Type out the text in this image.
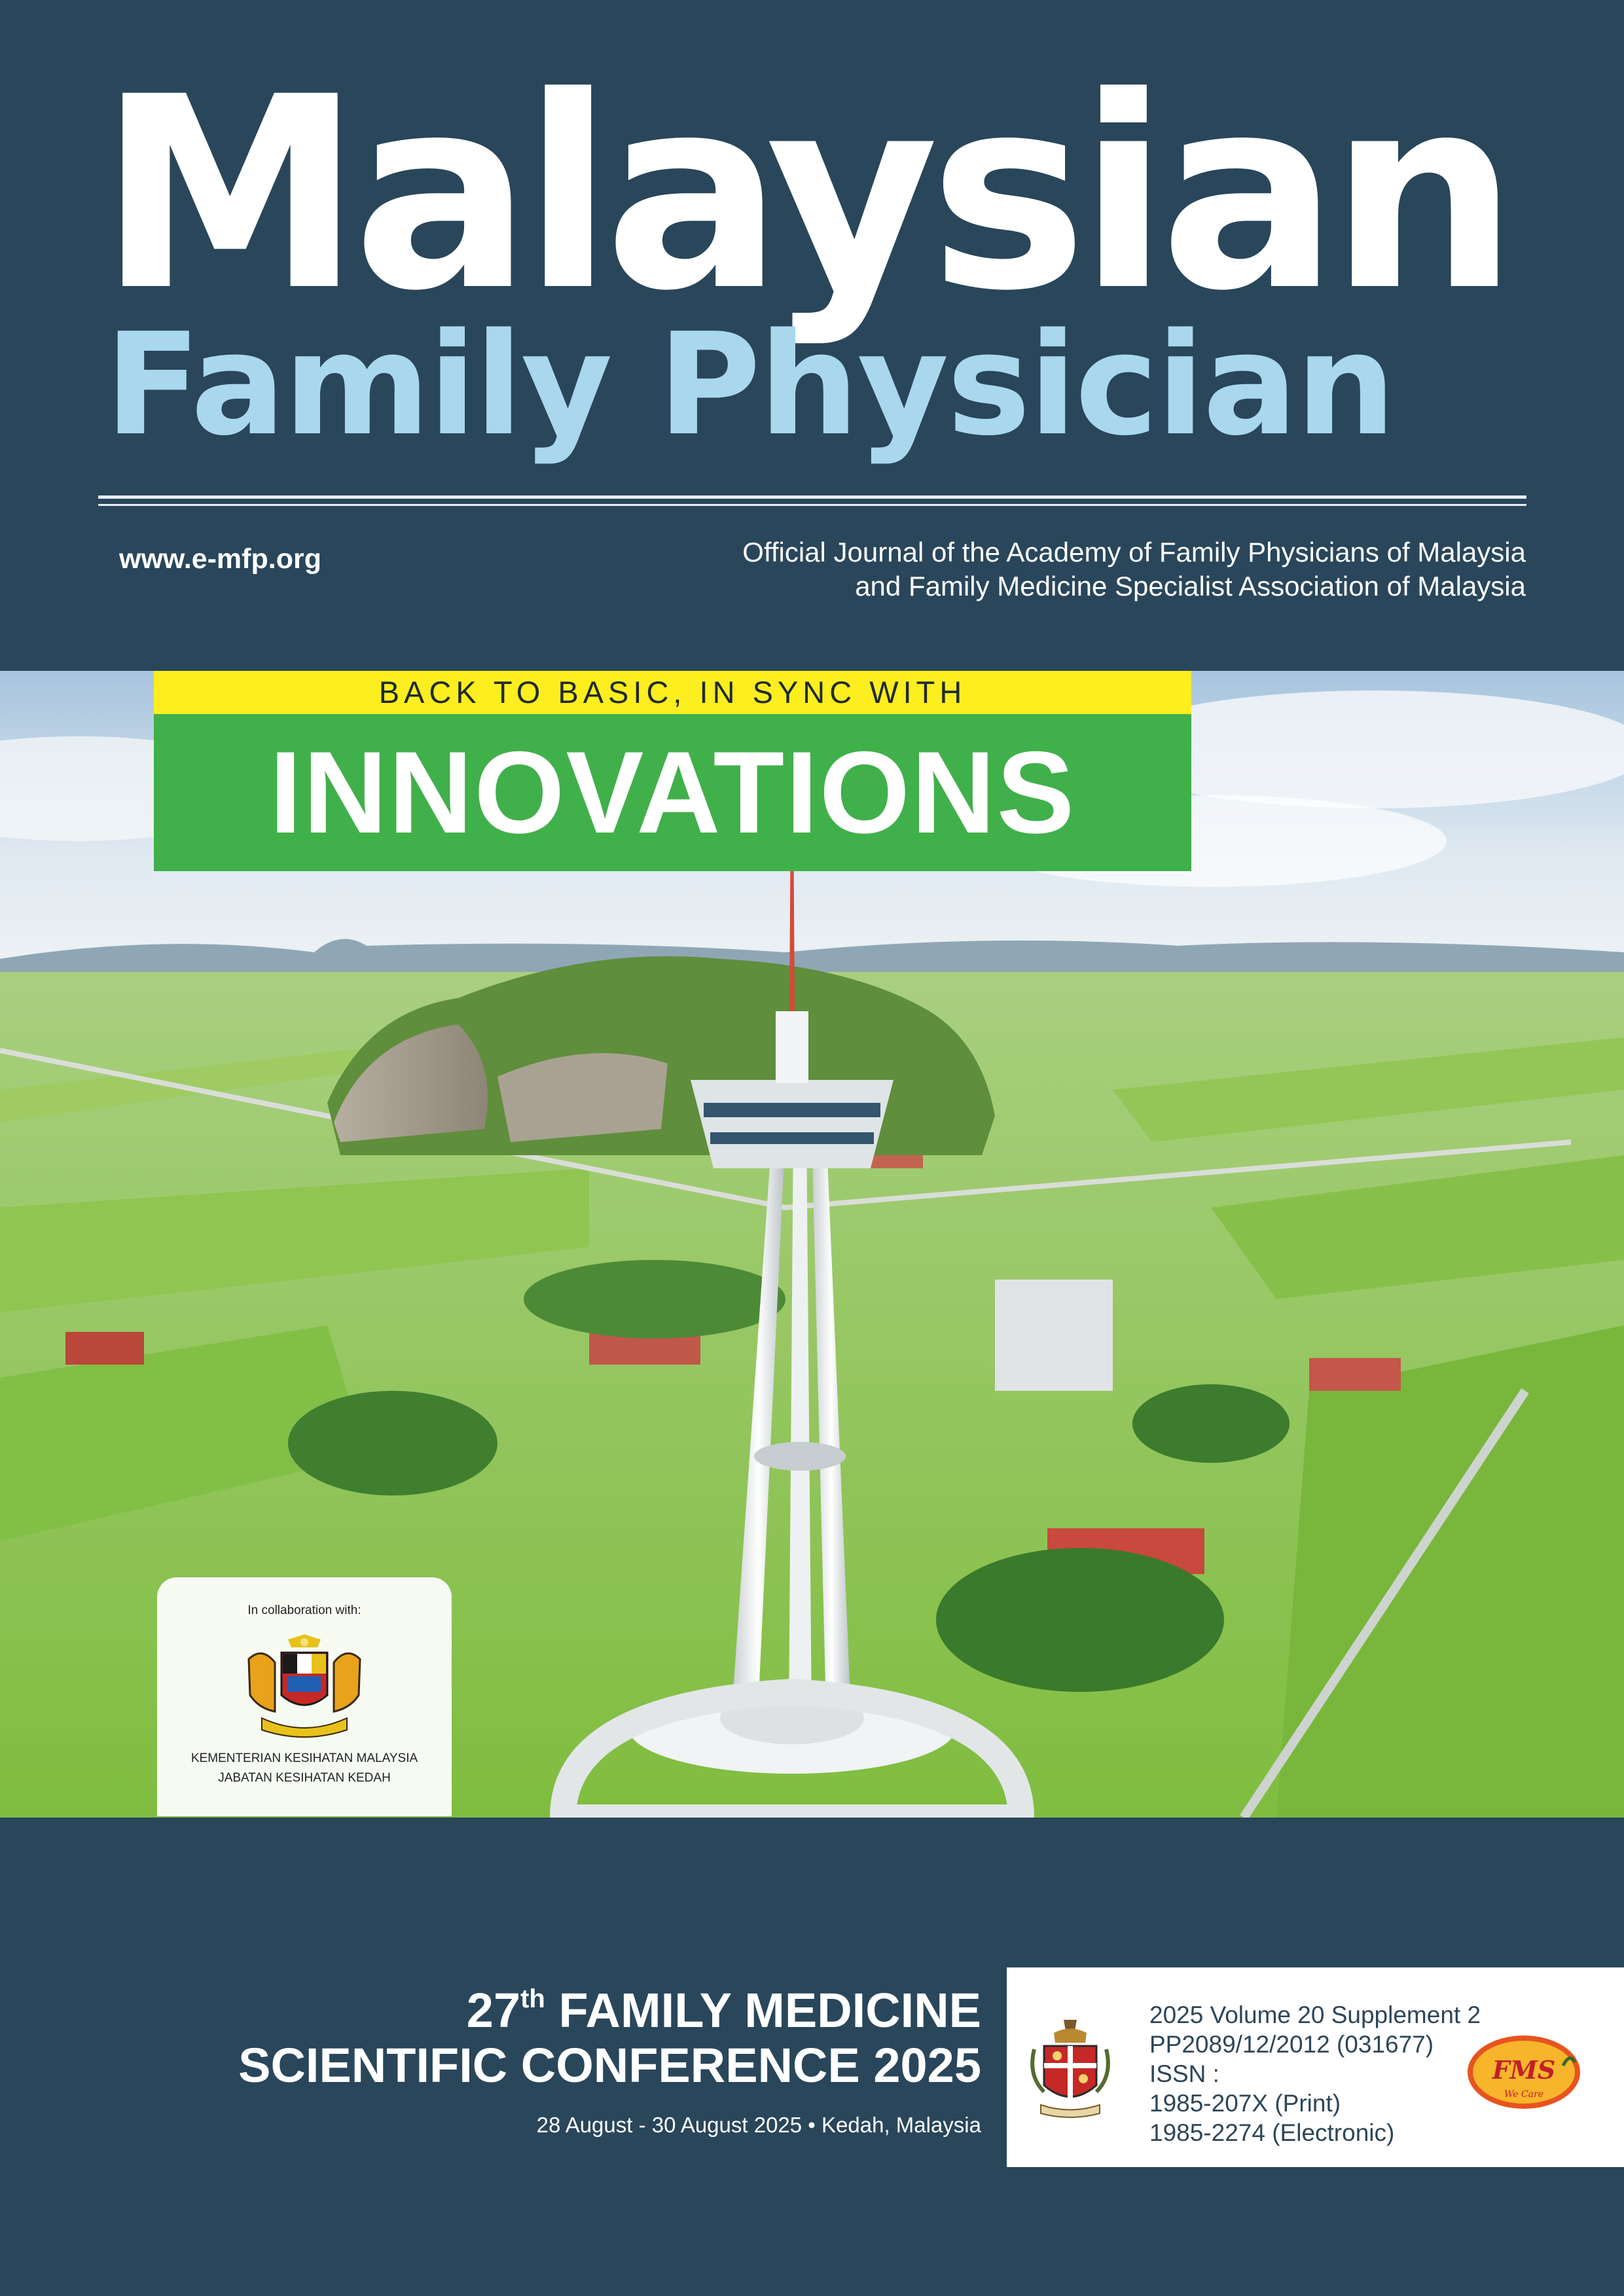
Malaysian
Family Physician
www.e-mfp.org	Official Journal of the Academy of Family Physicians of Malaysia
and Family Medicine Specialist Association of Malaysia
BACK TO BASIC, IN SYNC WITH
INNOVATIONS
In collaboration with:
KEMENTERIAN KESIHATAN MALAYSIA
JABATAN KESIHATAN KEDAH
27th FAMILY MEDICINE
SCIENTIFIC CONFERENCE 2025
28 August - 30 August 2025 • Kedah, Malaysia
2025 Volume 20 Supplement 2
PP2089/12/2012 (031677)
ISSN :
1985-207X (Print)
1985-2274 (Electronic)
FMS
We Care
